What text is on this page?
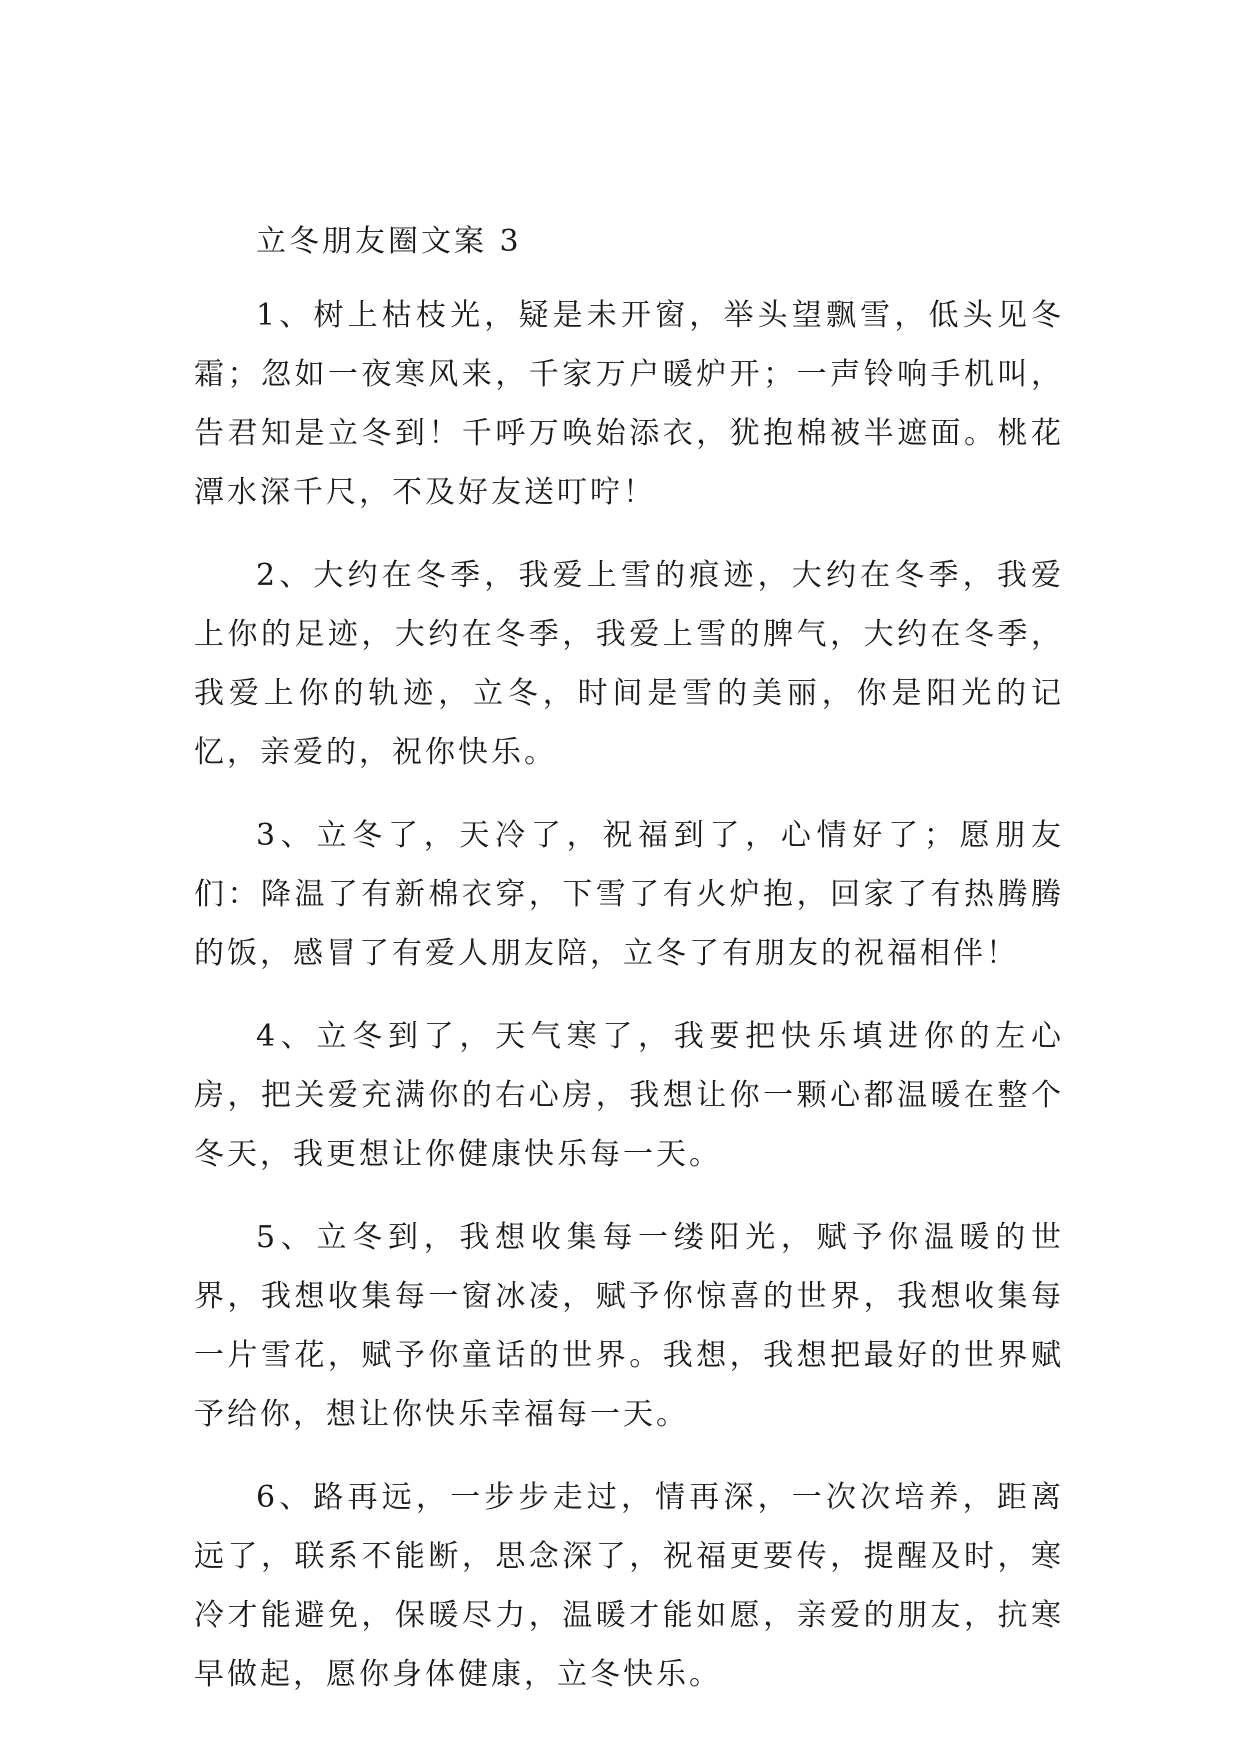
立冬朋友圈文案 3

1、树上枯枝光，疑是未开窗，举头望飘雪，低头见冬霜；忽如一夜寒风来，千家万户暖炉开；一声铃响手机叫，告君知是立冬到！千呼万唤始添衣，犹抱棉被半遮面。桃花潭水深千尺，不及好友送叮咛！

2、大约在冬季，我爱上雪的痕迹，大约在冬季，我爱上你的足迹，大约在冬季，我爱上雪的脾气，大约在冬季，我爱上你的轨迹，立冬，时间是雪的美丽，你是阳光的记忆，亲爱的，祝你快乐。

3、立冬了，天冷了，祝福到了，心情好了；愿朋友们：降温了有新棉衣穿，下雪了有火炉抱，回家了有热腾腾的饭，感冒了有爱人朋友陪，立冬了有朋友的祝福相伴！

4、立冬到了，天气寒了，我要把快乐填进你的左心房，把关爱充满你的右心房，我想让你一颗心都温暖在整个冬天，我更想让你健康快乐每一天。

5、立冬到，我想收集每一缕阳光，赋予你温暖的世界，我想收集每一窗冰凌，赋予你惊喜的世界，我想收集每一片雪花，赋予你童话的世界。我想，我想把最好的世界赋予给你，想让你快乐幸福每一天。

6、路再远，一步步走过，情再深，一次次培养，距离远了，联系不能断，思念深了，祝福更要传，提醒及时，寒冷才能避免，保暖尽力，温暖才能如愿，亲爱的朋友，抗寒早做起，愿你身体健康，立冬快乐。
